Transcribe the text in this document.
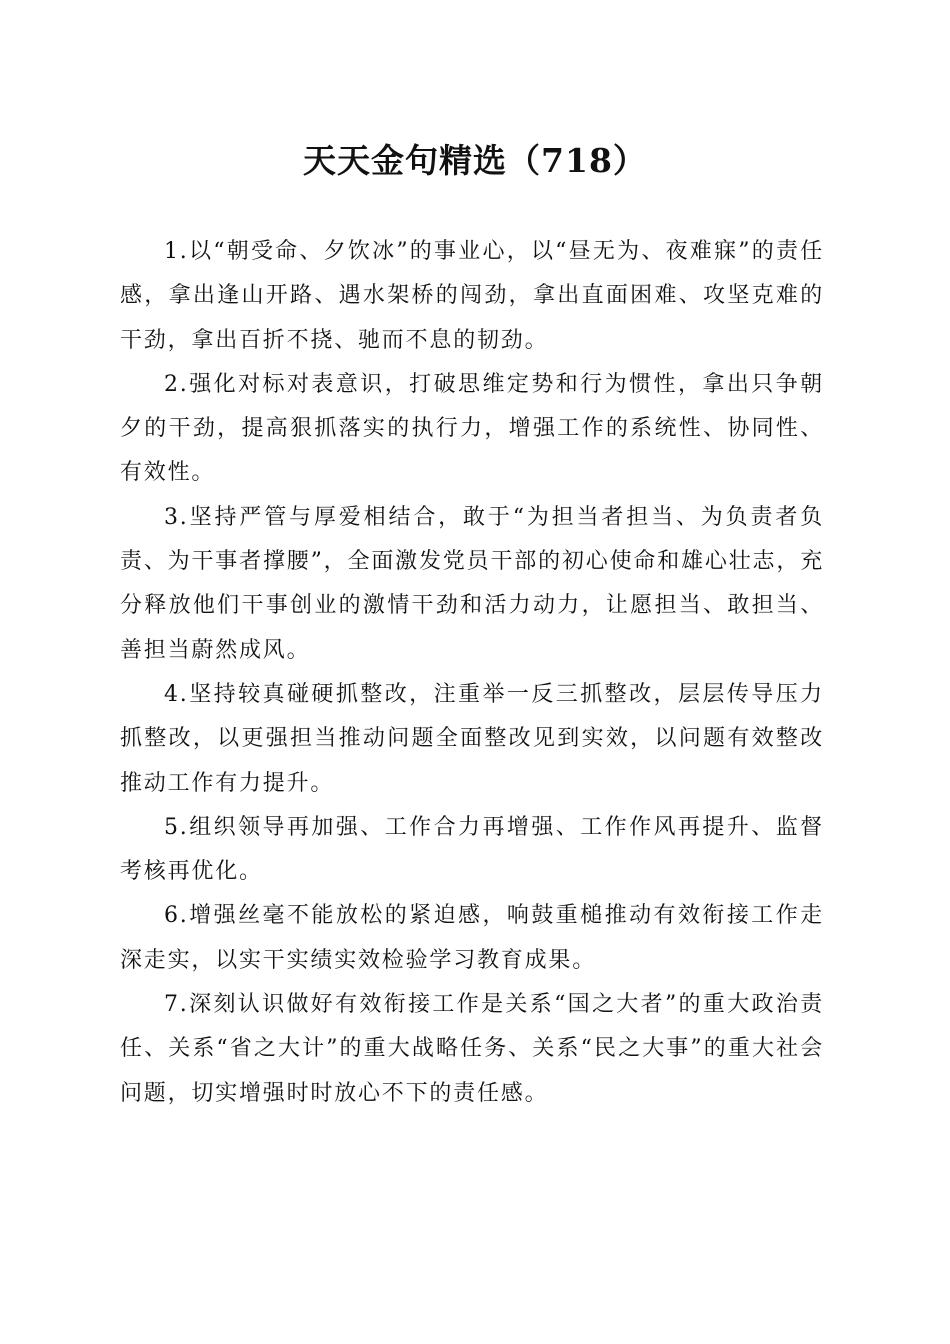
天天金句精选（718）

1.以“朝受命、夕饮冰”的事业心，以“昼无为、夜难寐”的责任感，拿出逢山开路、遇水架桥的闯劲，拿出直面困难、攻坚克难的干劲，拿出百折不挠、驰而不息的韧劲。

2.强化对标对表意识，打破思维定势和行为惯性，拿出只争朝夕的干劲，提高狠抓落实的执行力，增强工作的系统性、协同性、有效性。

3.坚持严管与厚爱相结合，敢于“为担当者担当、为负责者负责、为干事者撑腰”，全面激发党员干部的初心使命和雄心壮志，充分释放他们干事创业的激情干劲和活力动力，让愿担当、敢担当、善担当蔚然成风。

4.坚持较真碰硬抓整改，注重举一反三抓整改，层层传导压力抓整改，以更强担当推动问题全面整改见到实效，以问题有效整改推动工作有力提升。

5.组织领导再加强、工作合力再增强、工作作风再提升、监督考核再优化。

6.增强丝毫不能放松的紧迫感，响鼓重槌推动有效衔接工作走深走实，以实干实绩实效检验学习教育成果。

7.深刻认识做好有效衔接工作是关系“国之大者”的重大政治责任、关系“省之大计”的重大战略任务、关系“民之大事”的重大社会问题，切实增强时时放心不下的责任感。
